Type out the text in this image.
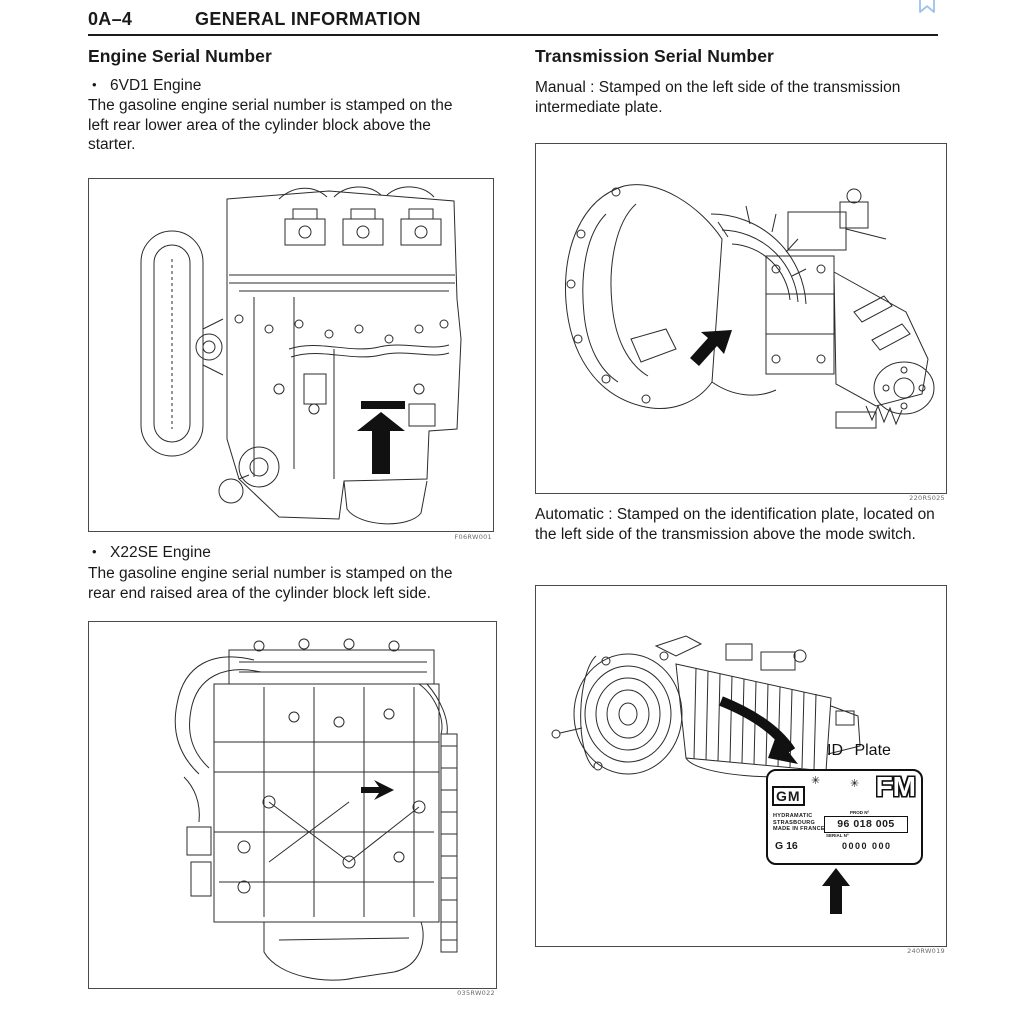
0A–4	GENERAL INFORMATION
Engine Serial Number
• 6VD1 Engine
The gasoline engine serial number is stamped on the left rear lower area of the cylinder block above the starter.
F06RW001
• X22SE Engine
The gasoline engine serial number is stamped on the rear end raised area of the cylinder block left side.
035RW022
Transmission Serial Number
Manual : Stamped on the left side of the transmission intermediate plate.
220RS025
Automatic : Stamped on the identification plate, located on the left side of the transmission above the mode switch.
ID Plate
GM
✳	✳ FM
HYDRAMATIC
STRASBOURG
MADE IN FRANCE
PROD Nº
96 018 005
SERIAL Nº
G 16	0000 000
240RW019
